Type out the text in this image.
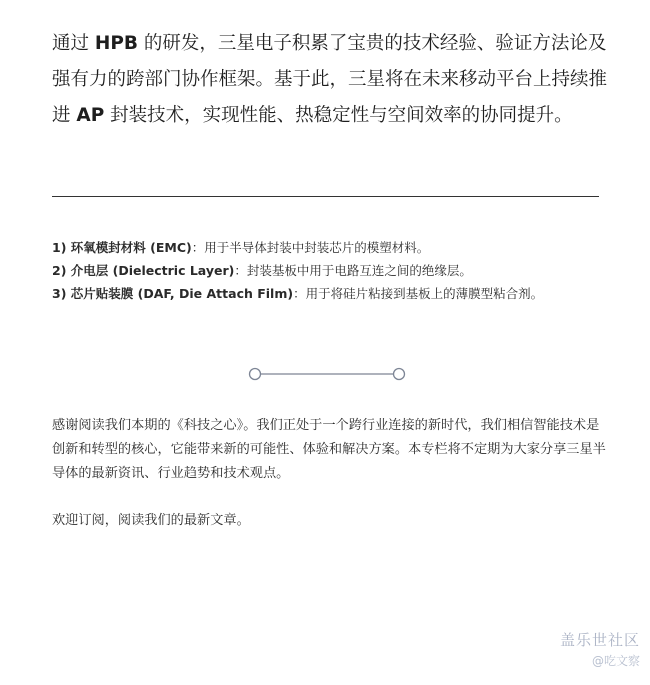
通过 HPB 的研发，三星电子积累了宝贵的技术经验、验证方法论及强有力的跨部门协作框架。基于此，三星将在未来移动平台上持续推进 AP 封装技术，实现性能、热稳定性与空间效率的协同提升。
1) 环氧模封材料 (EMC)：用于半导体封装中封装芯片的模塑材料。
2) 介电层 (Dielectric Layer)：封装基板中用于电路互连之间的绝缘层。
3) 芯片贴装膜 (DAF, Die Attach Film)：用于将硅片粘接到基板上的薄膜型粘合剂。

感谢阅读我们本期的《科技之心》。我们正处于一个跨行业连接的新时代，我们相信智能技术是创新和转型的核心，它能带来新的可能性、体验和解决方案。本专栏将不定期为大家分享三星半导体的最新资讯、行业趋势和技术观点。

欢迎订阅，阅读我们的最新文章。

盖乐世社区
@吃文察
